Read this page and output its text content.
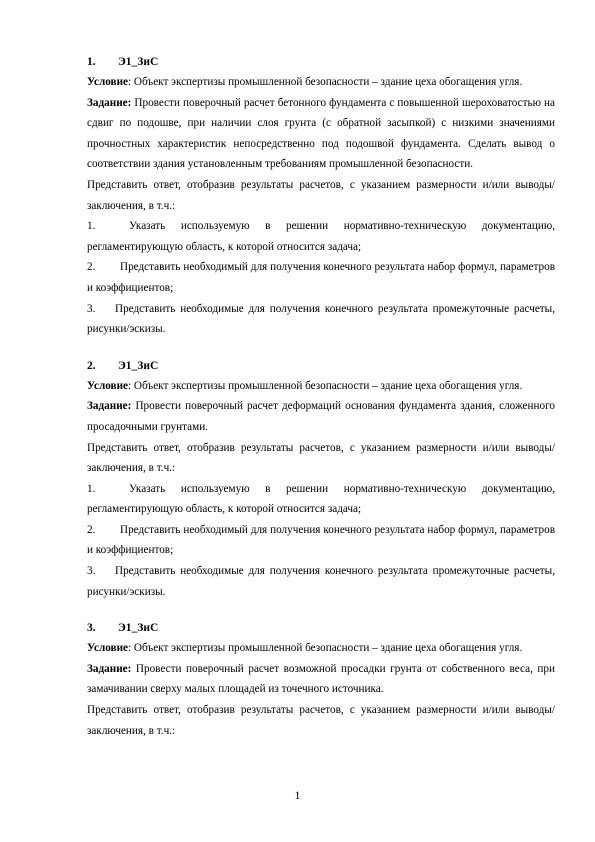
1.	Э1_ЗиС

Условие: Объект экспертизы промышленной безопасности – здание цеха обогащения угля.

Задание: Провести поверочный расчет бетонного фундамента с повышенной шероховатостью на сдвиг по подошве, при наличии слоя грунта (с обратной засыпкой) с низкими значениями прочностных характеристик непосредственно под подошвой фундамента. Сделать вывод о соответствии здания установленным требованиям промышленной безопасности.

Представить ответ, отобразив результаты расчетов, с указанием размерности и/или выводы/заключения, в т.ч.:

1.	Указать используемую в решении нормативно-техническую документацию, регламентирующую область, к которой относится задача;

2. Представить необходимый для получения конечного результата набор формул, параметров и коэффициентов;

3. Представить необходимые для получения конечного результата промежуточные расчеты, рисунки/эскизы.

2.	Э1_ЗиС

Условие: Объект экспертизы промышленной безопасности – здание цеха обогащения угля.

Задание: Провести поверочный расчет деформаций основания фундамента здания, сложенного просадочными грунтами.

Представить ответ, отобразив результаты расчетов, с указанием размерности и/или выводы/заключения, в т.ч.:

1.	Указать используемую в решении нормативно-техническую документацию, регламентирующую область, к которой относится задача;

2. Представить необходимый для получения конечного результата набор формул, параметров и коэффициентов;

3. Представить необходимые для получения конечного результата промежуточные расчеты, рисунки/эскизы.

3.	Э1_ЗиС

Условие: Объект экспертизы промышленной безопасности – здание цеха обогащения угля.

Задание: Провести поверочный расчет возможной просадки грунта от собственного веса, при замачивании сверху малых площадей из точечного источника.

Представить ответ, отобразив результаты расчетов, с указанием размерности и/или выводы/заключения, в т.ч.:

1
